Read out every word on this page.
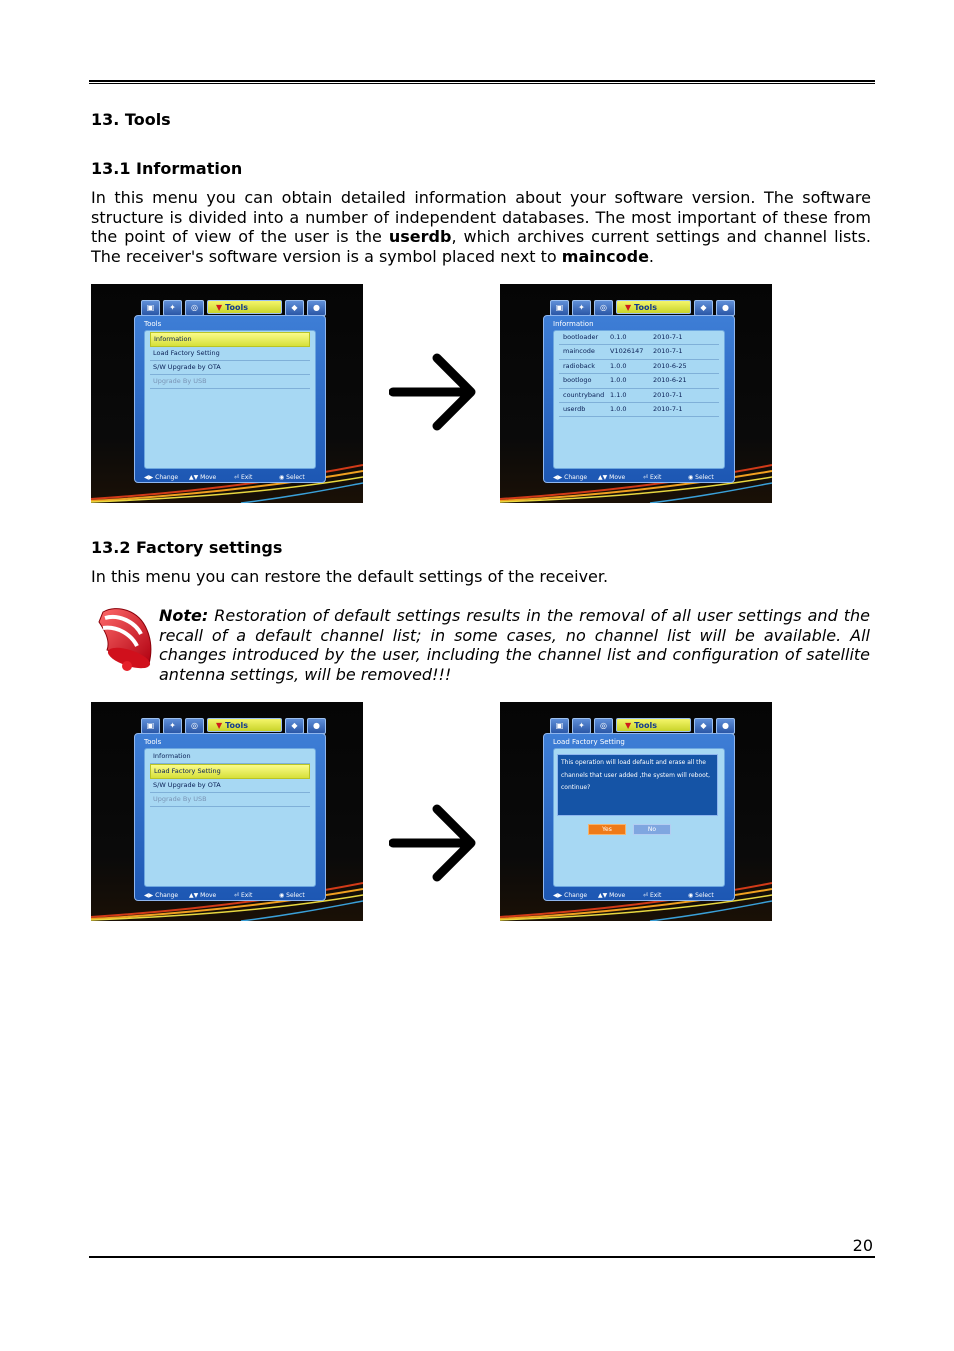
13. Tools
13.1 Information

In this menu you can obtain detailed information about your software version. The software structure is divided into a number of independent databases. The most important of these from the point of view of the user is the userdb, which archives current settings and channel lists. The receiver's software version is a symbol placed next to maincode.

▣	✦	◎	▼ Tools	◆	●
Tools
Information
Load Factory Setting
S/W Upgrade by OTA
Upgrade By USB
◀▶ Change	▲▼ Move	⏎ Exit	◉ Select
▣	✦	◎	▼ Tools	◆	●
Information
bootloader 0.1.0	2010-7-1
maincode V1026147 2010-7-1
radioback 1.0.0	2010-6-25
bootlogo	1.0.0	2010-6-21
countryband 1.1.0	2010-7-1
userdb	1.0.0	2010-7-1
◀▶ Change	▲▼ Move	⏎ Exit	◉ Select
13.2 Factory settings

In this menu you can restore the default settings of the receiver.

Note: Restoration of default settings results in the removal of all user settings and the recall of a default channel list; in some cases, no channel list will be available. All changes introduced by the user, including the channel list and configuration of satellite antenna settings, will be removed!!!

▣	✦	◎	▼ Tools	◆	●
Tools
Information
Load Factory Setting
S/W Upgrade by OTA
Upgrade By USB
◀▶ Change	▲▼ Move	⏎ Exit	◉ Select
▣	✦	◎	▼ Tools	◆	●
Load Factory Setting
This operation will load default and erase all the
channels that user added ,the system will reboot,
continue?
Yes	No
◀▶ Change	▲▼ Move	⏎ Exit	◉ Select
20
